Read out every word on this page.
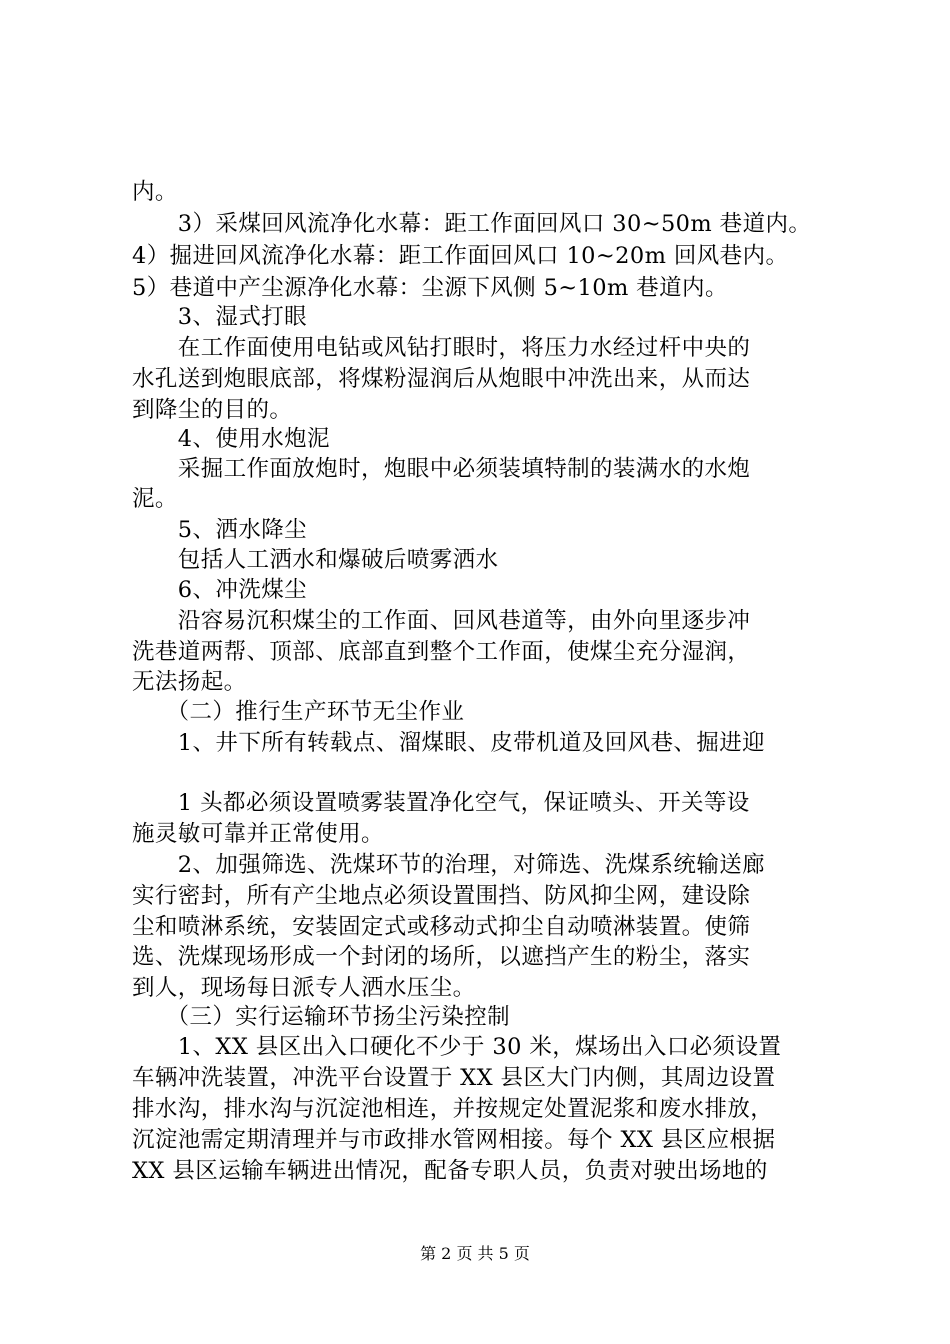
内。
　　3）采煤回风流净化水幕：距工作面回风口 30~50m 巷道内。
4）掘进回风流净化水幕：距工作面回风口 10~20m 回风巷内。
5）巷道中产尘源净化水幕：尘源下风侧 5~10m 巷道内。
　　3、湿式打眼
　　在工作面使用电钻或风钻打眼时，将压力水经过杆中央的
水孔送到炮眼底部，将煤粉湿润后从炮眼中冲洗出来，从而达
到降尘的目的。
　　4、使用水炮泥
　　采掘工作面放炮时，炮眼中必须装填特制的装满水的水炮
泥。
　　5、洒水降尘
　　包括人工洒水和爆破后喷雾洒水
　　6、冲洗煤尘
　　沿容易沉积煤尘的工作面、回风巷道等，由外向里逐步冲
洗巷道两帮、顶部、底部直到整个工作面，使煤尘充分湿润，
无法扬起。
　　（二）推行生产环节无尘作业
　　1、井下所有转载点、溜煤眼、皮带机道及回风巷、掘进迎
　　1 头都必须设置喷雾装置净化空气，保证喷头、开关等设
施灵敏可靠并正常使用。
　　2、加强筛选、洗煤环节的治理，对筛选、洗煤系统输送廊
实行密封，所有产尘地点必须设置围挡、防风抑尘网，建设除
尘和喷淋系统，安装固定式或移动式抑尘自动喷淋装置。使筛
选、洗煤现场形成一个封闭的场所，以遮挡产生的粉尘，落实
到人，现场每日派专人洒水压尘。
　　（三）实行运输环节扬尘污染控制
　　1、XX 县区出入口硬化不少于 30 米，煤场出入口必须设置
车辆冲洗装置，冲洗平台设置于 XX 县区大门内侧，其周边设置
排水沟，排水沟与沉淀池相连，并按规定处置泥浆和废水排放，
沉淀池需定期清理并与市政排水管网相接。每个 XX 县区应根据
XX 县区运输车辆进出情况，配备专职人员，负责对驶出场地的
第 2 页 共 5 页
